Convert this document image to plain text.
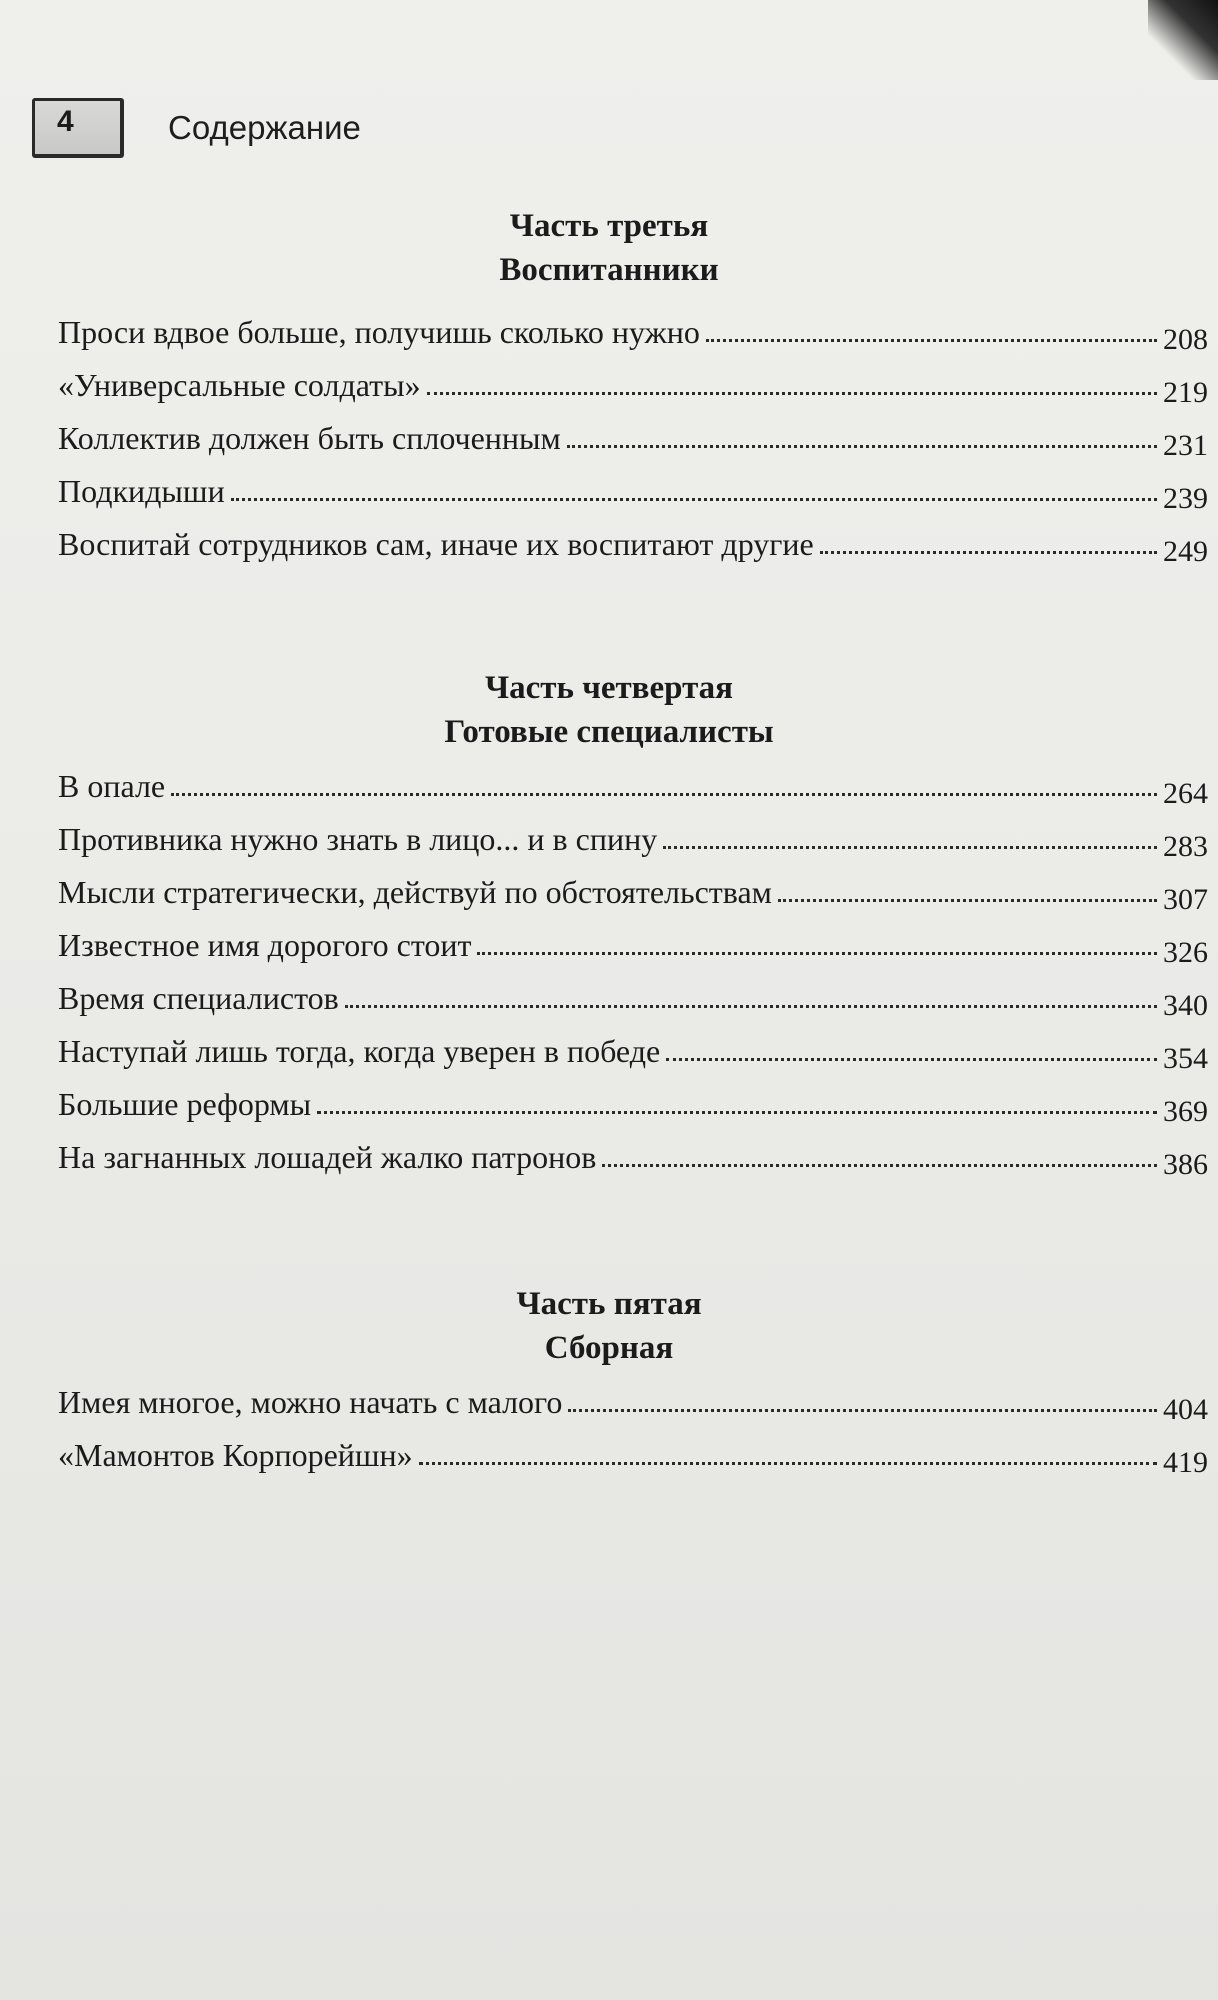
4	Содержание
Часть третья
Воспитанники
Проси вдвое больше, получишь сколько нужно	208
«Универсальные солдаты»	219
Коллектив должен быть сплоченным	231
Подкидыши	239
Воспитай сотрудников сам, иначе их воспитают другие	249
Часть четвертая
Готовые специалисты
В опале	264
Противника нужно знать в лицо... и в спину	283
Мысли стратегически, действуй по обстоятельствам	307
Известное имя дорогого стоит	326
Время специалистов	340
Наступай лишь тогда, когда уверен в победе	354
Большие реформы	369
На загнанных лошадей жалко патронов	386
Часть пятая
Сборная
Имея многое, можно начать с малого	404
«Мамонтов Корпорейшн»	419
